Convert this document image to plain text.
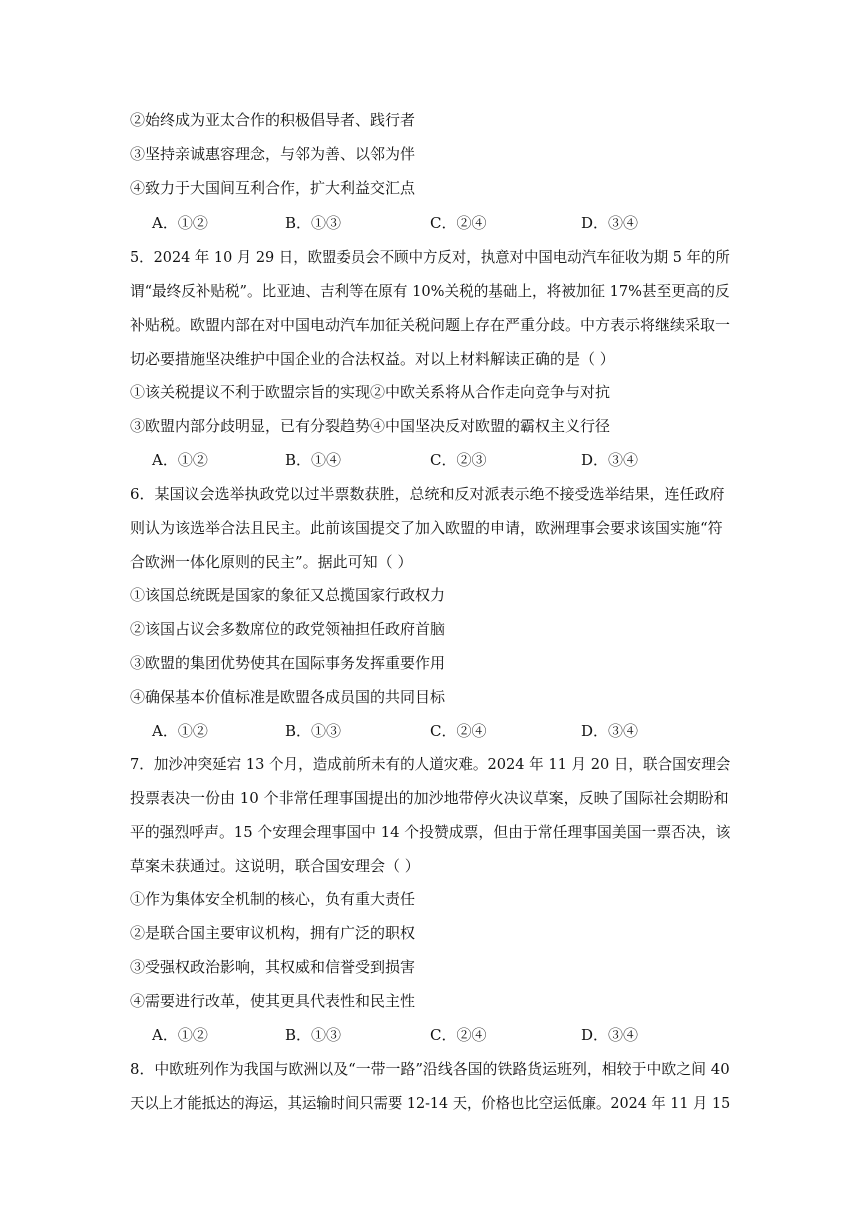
②始终成为亚太合作的积极倡导者、践行者
③坚持亲诚惠容理念，与邻为善、以邻为伴
④致力于大国间互利合作，扩大利益交汇点
A．①②	B．①③	C．②④	D．③④
5．2024 年 10 月 29 日，欧盟委员会不顾中方反对，执意对中国电动汽车征收为期 5 年的所
谓“最终反补贴税”。比亚迪、吉利等在原有 10%关税的基础上，将被加征 17%甚至更高的反
补贴税。欧盟内部在对中国电动汽车加征关税问题上存在严重分歧。中方表示将继续采取一
切必要措施坚决维护中国企业的合法权益。对以上材料解读正确的是（ ）
①该关税提议不利于欧盟宗旨的实现②中欧关系将从合作走向竞争与对抗
③欧盟内部分歧明显，已有分裂趋势④中国坚决反对欧盟的霸权主义行径
A．①②	B．①④	C．②③	D．③④
6．某国议会选举执政党以过半票数获胜，总统和反对派表示绝不接受选举结果，连任政府
则认为该选举合法且民主。此前该国提交了加入欧盟的申请，欧洲理事会要求该国实施“符
合欧洲一体化原则的民主”。据此可知（ ）
①该国总统既是国家的象征又总揽国家行政权力
②该国占议会多数席位的政党领袖担任政府首脑
③欧盟的集团优势使其在国际事务发挥重要作用
④确保基本价值标准是欧盟各成员国的共同目标
A．①②	B．①③	C．②④	D．③④
7．加沙冲突延宕 13 个月，造成前所未有的人道灾难。2024 年 11 月 20 日，联合国安理会
投票表决一份由 10 个非常任理事国提出的加沙地带停火决议草案，反映了国际社会期盼和
平的强烈呼声。15 个安理会理事国中 14 个投赞成票，但由于常任理事国美国一票否决，该
草案未获通过。这说明，联合国安理会（ ）
①作为集体安全机制的核心，负有重大责任
②是联合国主要审议机构，拥有广泛的职权
③受强权政治影响，其权威和信誉受到损害
④需要进行改革，使其更具代表性和民主性
A．①②	B．①③	C．②④	D．③④
8．中欧班列作为我国与欧洲以及“一带一路”沿线各国的铁路货运班列，相较于中欧之间 40
天以上才能抵达的海运，其运输时间只需要 12-14 天，价格也比空运低廉。2024 年 11 月 15
